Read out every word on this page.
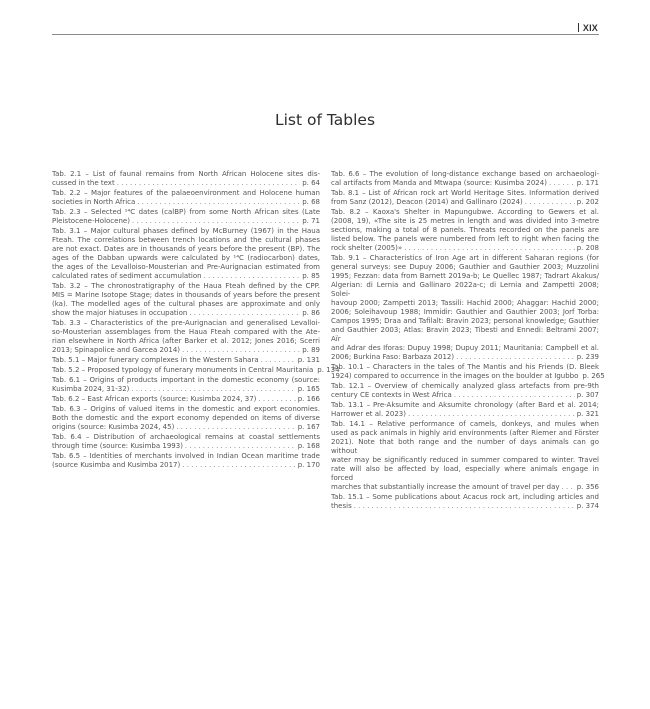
XIX
List of Tables
Tab. 2.1 – List of faunal remains from North African Holocene sites dis-
cussed in the text . . .	p. 64
Tab. 2.2 – Major features of the palaeoenvironment and Holocene human
societies in North Africa . . .	p. 68
Tab. 2.3 – Selected ¹⁴C dates (calBP) from some North African sites (Late
Pleistocene-Holocene) . . .	p. 71
Tab. 3.1 – Major cultural phases defined by McBurney (1967) in the Haua
Fteah. The correlations between trench locations and the cultural phases
are not exact. Dates are in thousands of years before the present (BP). The
ages of the Dabban upwards were calculated by ¹⁴C (radiocarbon) dates,
the ages of the Levalloiso-Mousterian and Pre-Aurignacian estimated from
calculated rates of sediment accumulation . . .	p. 85
Tab. 3.2 – The chronostratigraphy of the Haua Fteah defined by the CPP.
MIS = Marine Isotope Stage; dates in thousands of years before the present
(ka). The modelled ages of the cultural phases are approximate and only
show the major hiatuses in occupation . . .	p. 86
Tab. 3.3 – Characteristics of the pre-Aurignacian and generalised Levalloi-
so-Mousterian assemblages from the Haua Fteah compared with the Ate-
rian elsewhere in North Africa (after Barker et al. 2012; Jones 2016; Scerri
2013; Spinapolice and Garcea 2014) . . .	p. 89
Tab. 5.1 – Major funerary complexes in the Western Sahara . . .	p. 131
Tab. 5.2 – Proposed typology of funerary monuments in Central Mauritania p. 134
Tab. 6.1 – Origins of products important in the domestic economy (source:
Kusimba 2024, 31-32) . . .	p. 165
Tab. 6.2 – East African exports (source: Kusimba 2024, 37) . . .	p. 166
Tab. 6.3 – Origins of valued items in the domestic and export economies.
Both the domestic and the export economy depended on items of diverse
origins (source: Kusimba 2024, 45) . . .	p. 167
Tab. 6.4 – Distribution of archaeological remains at coastal settlements
through time (source: Kusimba 1993) . . .	p. 168
Tab. 6.5 – Identities of merchants involved in Indian Ocean maritime trade
(source Kusimba and Kusimba 2017) . . .	p. 170
Tab. 6.6 – The evolution of long-distance exchange based on archaeologi-
cal artifacts from Manda and Mtwapa (source: Kusimba 2024) . . .	p. 171
Tab. 8.1 – List of African rock art World Heritage Sites. Information derived
from Sanz (2012), Deacon (2014) and Gallinaro (2024) . . .	p. 202
Tab. 8.2 – Kaoxa's Shelter in Mapungubwe. According to Gewers et al.
(2008, 19), «The site is 25 metres in length and was divided into 3-metre
sections, making a total of 8 panels. Threats recorded on the panels are
listed below. The panels were numbered from left to right when facing the
rock shelter (2005)» . . .	p. 208
Tab. 9.1 – Characteristics of Iron Age art in different Saharan regions (for
general surveys: see Dupuy 2006; Gauthier and Gauthier 2003; Muzzolini
1995; Fezzan: data from Barnett 2019a-b; Le Quellec 1987; Tadrart Akakus/
Algerian: di Lernia and Gallinaro 2022a-c; di Lernia and Zampetti 2008; Solei-
havoup 2000; Zampetti 2013; Tassili: Hachid 2000; Ahaggar: Hachid 2000;
2006; Soleihavoup 1988; Immidir: Gauthier and Gauthier 2003; Jorf Torba:
Campos 1995; Draa and Tafilalt: Bravin 2023; personal knowledge; Gauthier
and Gauthier 2003; Atlas: Bravin 2023; Tibesti and Ennedi: Beltrami 2007; Aïr
and Adrar des Iforas: Dupuy 1998; Dupuy 2011; Mauritania: Campbell et al.
2006; Burkina Faso: Barbaza 2012) . . .	p. 239
Tab. 10.1 – Characters in the tales of The Mantis and his Friends (D. Bleek
1924) compared to occurrence in the images on the boulder at Igubbo p. 265
Tab. 12.1 – Overview of chemically analyzed glass artefacts from pre-9th
century CE contexts in West Africa . . .	p. 307
Tab. 13.1 – Pre-Aksumite and Aksumite chronology (after Bard et al. 2014;
Harrower et al. 2023) . . .	p. 321
Tab. 14.1 – Relative performance of camels, donkeys, and mules when
used as pack animals in highly arid environments (after Riemer and Förster
2021). Note that both range and the number of days animals can go without
water may be significantly reduced in summer compared to winter. Travel
rate will also be affected by load, especially where animals engage in forced
marches that substantially increase the amount of travel per day . . . p. 356
Tab. 15.1 – Some publications about Acacus rock art, including articles and
thesis . . .	p. 374
